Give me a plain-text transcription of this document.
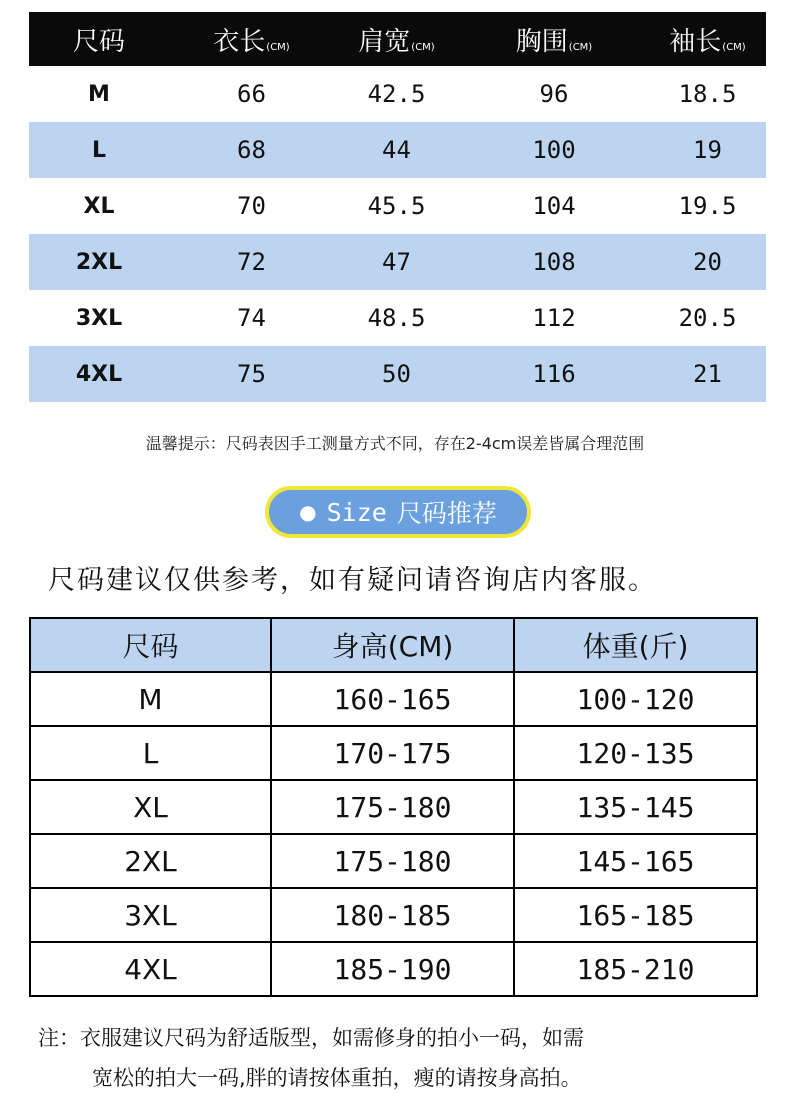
尺码	衣长(CM)	肩宽(CM)	胸围(CM)	袖长(CM)
M	66	42.5	96	18.5
L	68	44	100	19
XL	70	45.5	104	19.5
2XL	72	47	108	20
3XL	74	48.5	112	20.5
4XL	75	50	116	21
温馨提示：尺码表因手工测量方式不同，存在2-4cm误差皆属合理范围
● Size 尺码推荐
尺码建议仅供参考，如有疑问请咨询店内客服。
尺码	身高(CM)	体重(斤)
M	160-165	100-120
L	170-175	120-135
XL	175-180	135-145
2XL	175-180	145-165
3XL	180-185	165-185
4XL	185-190	185-210
注：衣服建议尺码为舒适版型，如需修身的拍小一码，如需
宽松的拍大一码,胖的请按体重拍，瘦的请按身高拍。
